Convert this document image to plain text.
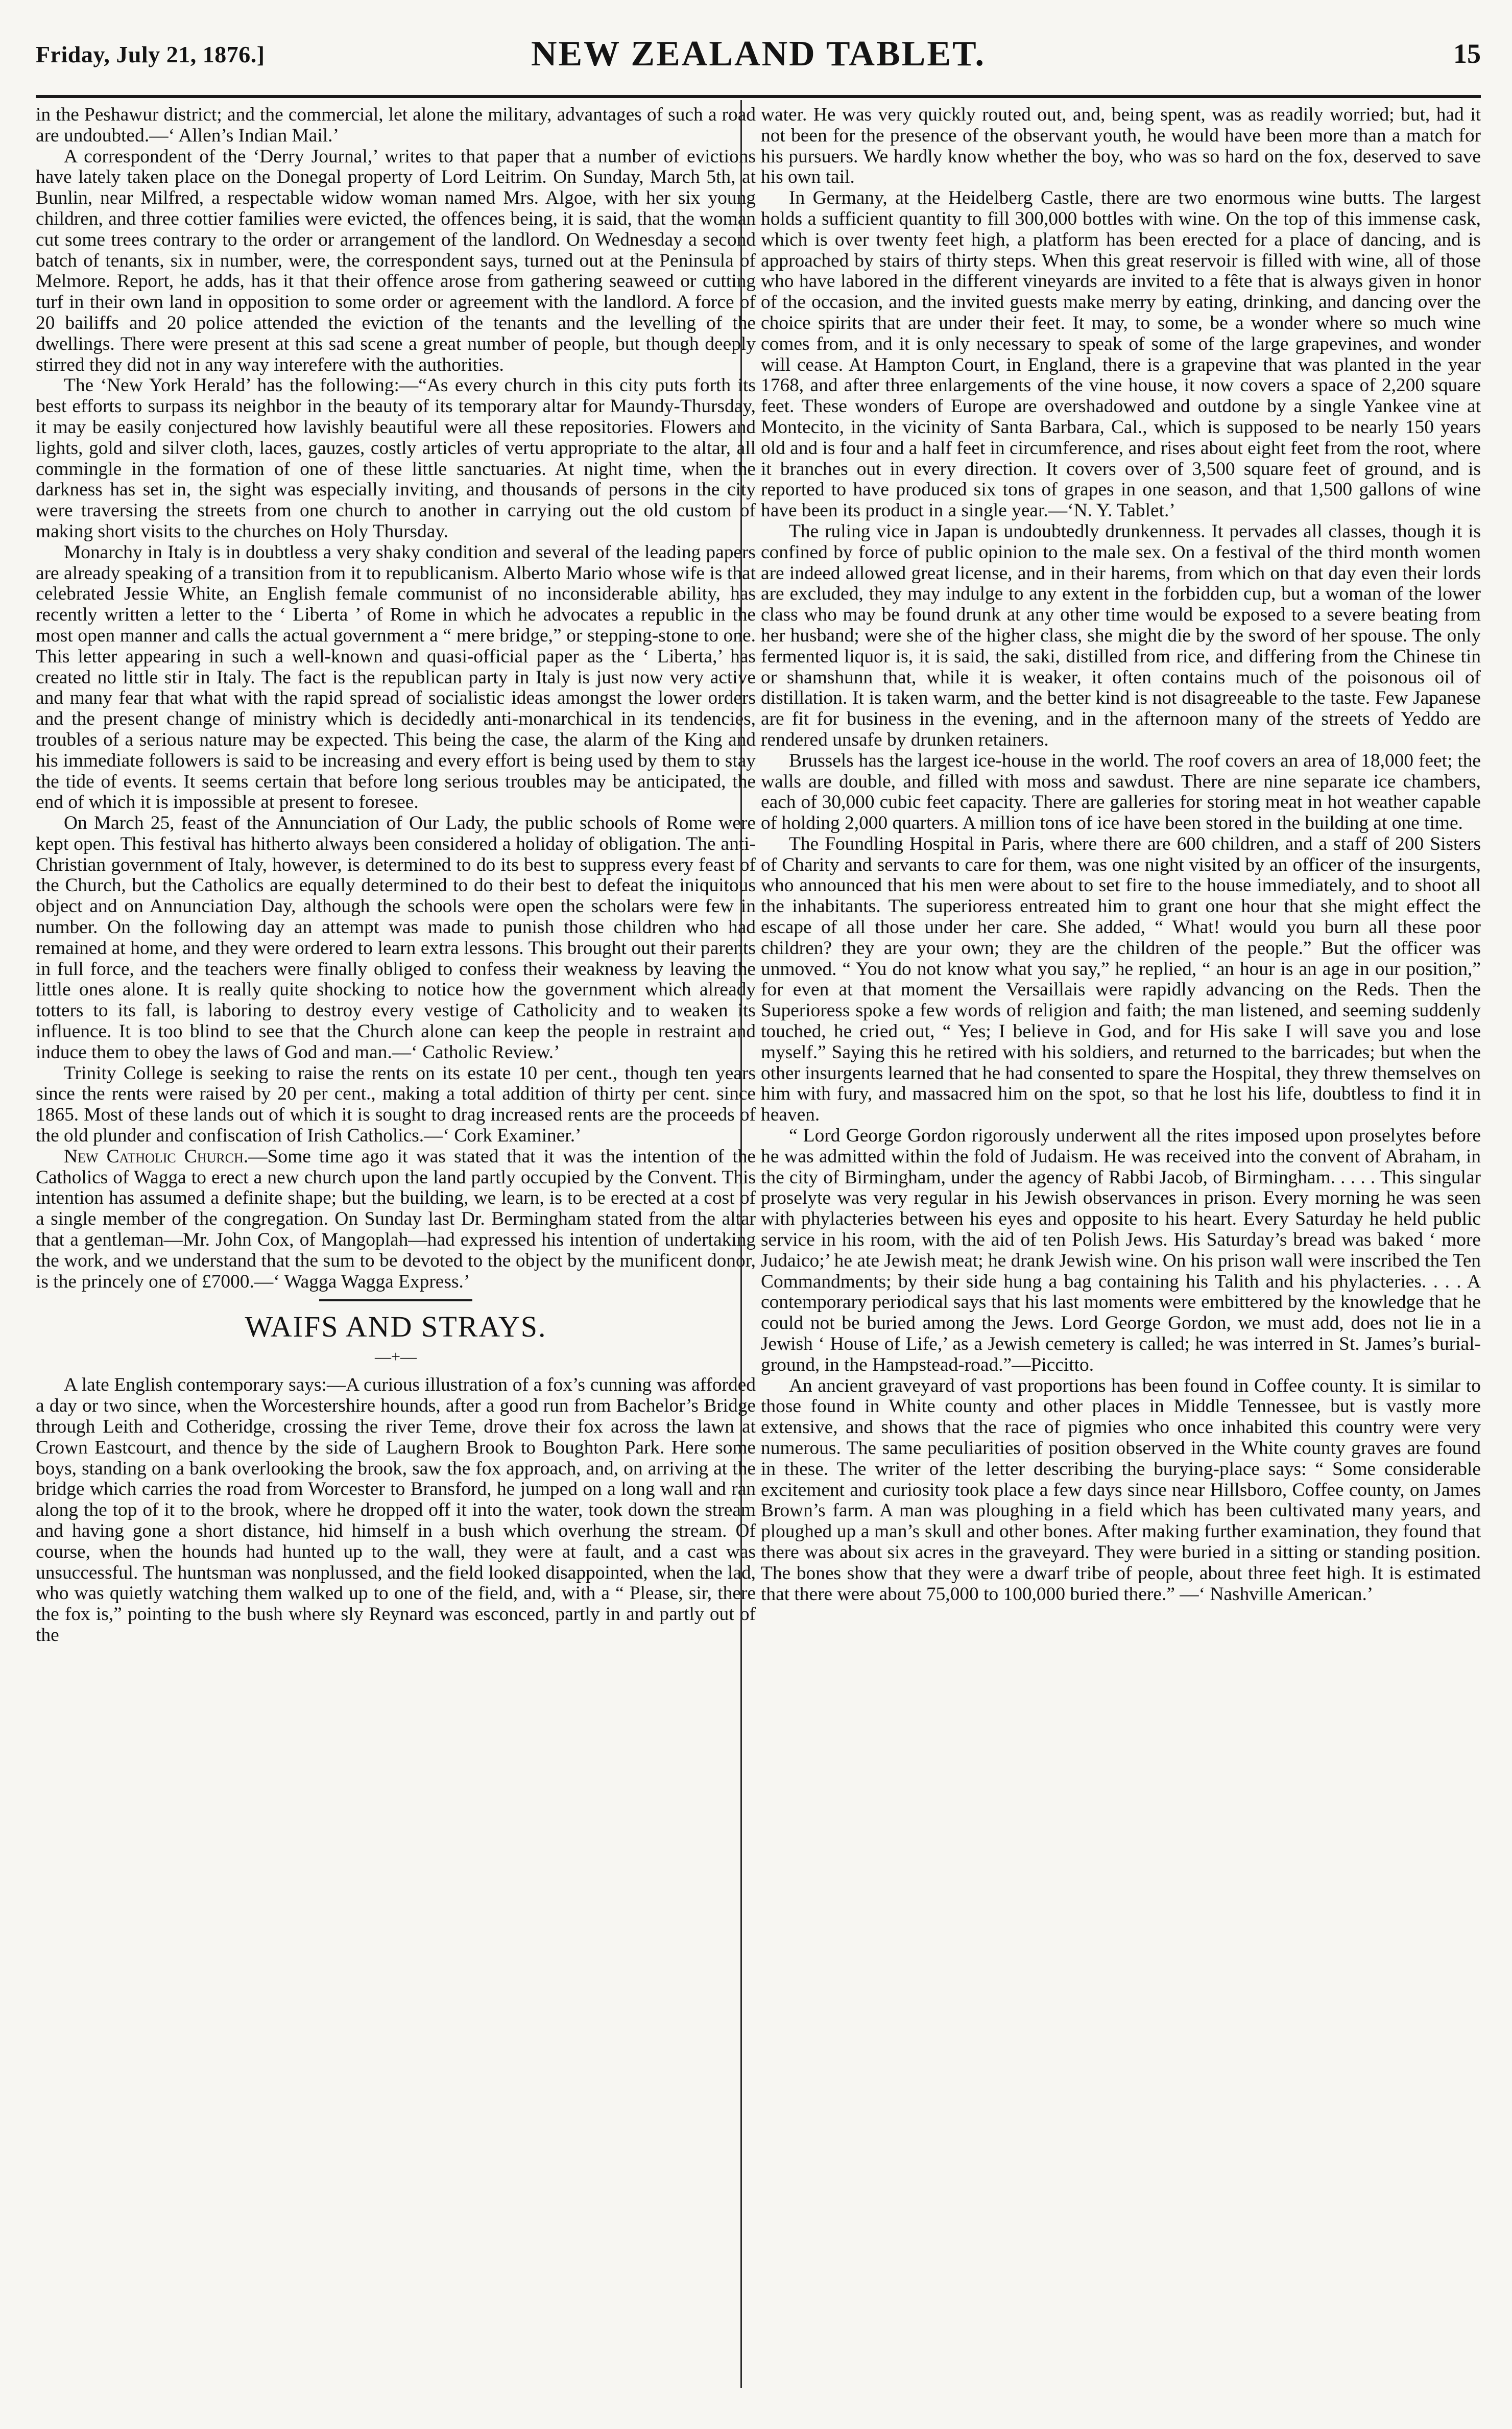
Friday, July 21, 1876.]	NEW ZEALAND TABLET.	15

in the Peshawur district; and the commercial, let alone the military, advantages of such a road are undoubted.—‘ Allen’s Indian Mail.’

A correspondent of the ‘Derry Journal,’ writes to that paper that a number of evictions have lately taken place on the Donegal property of Lord Leitrim. On Sunday, March 5th, at Bunlin, near Milfred, a respectable widow woman named Mrs. Algoe, with her six young children, and three cottier families were evicted, the offences being, it is said, that the woman cut some trees contrary to the order or arrangement of the landlord. On Wednesday a second batch of tenants, six in number, were, the correspondent says, turned out at the Peninsula of Melmore. Report, he adds, has it that their offence arose from gathering seaweed or cutting turf in their own land in opposition to some order or agreement with the landlord. A force of 20 bailiffs and 20 police attended the eviction of the tenants and the levelling of the dwellings. There were present at this sad scene a great number of people, but though deeply stirred they did not in any way interefere with the authorities.

The ‘New York Herald’ has the following:—“As every church in this city puts forth its best efforts to surpass its neighbor in the beauty of its temporary altar for Maundy-Thursday, it may be easily conjectured how lavishly beautiful were all these repositories. Flowers and lights, gold and silver cloth, laces, gauzes, costly articles of vertu appropriate to the altar, all commingle in the formation of one of these little sanctuaries. At night time, when the darkness has set in, the sight was especially inviting, and thousands of persons in the city were traversing the streets from one church to another in carrying out the old custom of making short visits to the churches on Holy Thursday.

Monarchy in Italy is in doubtless a very shaky condition and several of the leading papers are already speaking of a transition from it to republicanism. Alberto Mario whose wife is that celebrated Jessie White, an English female communist of no inconsiderable ability, has recently written a letter to the ‘ Liberta ’ of Rome in which he advocates a republic in the most open manner and calls the actual government a “ mere bridge,” or stepping-stone to one. This letter appearing in such a well-known and quasi-official paper as the ‘ Liberta,’ has created no little stir in Italy. The fact is the republican party in Italy is just now very active and many fear that what with the rapid spread of socialistic ideas amongst the lower orders and the present change of ministry which is decidedly anti-monarchical in its tendencies, troubles of a serious nature may be expected. This being the case, the alarm of the King and his immediate followers is said to be increasing and every effort is being used by them to stay the tide of events. It seems certain that before long serious troubles may be anticipated, the end of which it is impossible at present to foresee.

On March 25, feast of the Annunciation of Our Lady, the public schools of Rome were kept open. This festival has hitherto always been considered a holiday of obligation. The anti-Christian government of Italy, however, is determined to do its best to suppress every feast of the Church, but the Catholics are equally determined to do their best to defeat the iniquitous object and on Annunciation Day, although the schools were open the scholars were few in number. On the following day an attempt was made to punish those children who had remained at home, and they were ordered to learn extra lessons. This brought out their parents in full force, and the teachers were finally obliged to confess their weakness by leaving the little ones alone. It is really quite shocking to notice how the government which already totters to its fall, is laboring to destroy every vestige of Catholicity and to weaken its influence. It is too blind to see that the Church alone can keep the people in restraint and induce them to obey the laws of God and man.—‘ Catholic Review.’

Trinity College is seeking to raise the rents on its estate 10 per cent., though ten years since the rents were raised by 20 per cent., making a total addition of thirty per cent. since 1865. Most of these lands out of which it is sought to drag increased rents are the proceeds of the old plunder and confiscation of Irish Catholics.—‘ Cork Examiner.’

New Catholic Church.—Some time ago it was stated that it was the intention of the Catholics of Wagga to erect a new church upon the land partly occupied by the Convent. This intention has assumed a definite shape; but the building, we learn, is to be erected at a cost of a single member of the congregation. On Sunday last Dr. Bermingham stated from the altar that a gentleman—Mr. John Cox, of Mangoplah—had expressed his intention of undertaking the work, and we understand that the sum to be devoted to the object by the munificent donor, is the princely one of £7000.—‘ Wagga Wagga Express.’

WAIFS AND STRAYS.
—+—

A late English contemporary says:—A curious illustration of a fox’s cunning was afforded a day or two since, when the Worcestershire hounds, after a good run from Bachelor’s Bridge through Leith and Cotheridge, crossing the river Teme, drove their fox across the lawn at Crown Eastcourt, and thence by the side of Laughern Brook to Boughton Park. Here some boys, standing on a bank overlooking the brook, saw the fox approach, and, on arriving at the bridge which carries the road from Worcester to Bransford, he jumped on a long wall and ran along the top of it to the brook, where he dropped off it into the water, took down the stream and having gone a short distance, hid himself in a bush which overhung the stream. Of course, when the hounds had hunted up to the wall, they were at fault, and a cast was unsuccessful. The huntsman was nonplussed, and the field looked disappointed, when the lad, who was quietly watching them walked up to one of the field, and, with a “ Please, sir, there the fox is,” pointing to the bush where sly Reynard was esconced, partly in and partly out of the

water. He was very quickly routed out, and, being spent, was as readily worried; but, had it not been for the presence of the observant youth, he would have been more than a match for his pursuers. We hardly know whether the boy, who was so hard on the fox, deserved to save his own tail.

In Germany, at the Heidelberg Castle, there are two enormous wine butts. The largest holds a sufficient quantity to fill 300,000 bottles with wine. On the top of this immense cask, which is over twenty feet high, a platform has been erected for a place of dancing, and is approached by stairs of thirty steps. When this great reservoir is filled with wine, all of those who have labored in the different vineyards are invited to a fête that is always given in honor of the occasion, and the invited guests make merry by eating, drinking, and dancing over the choice spirits that are under their feet. It may, to some, be a wonder where so much wine comes from, and it is only necessary to speak of some of the large grapevines, and wonder will cease. At Hampton Court, in England, there is a grapevine that was planted in the year 1768, and after three enlargements of the vine house, it now covers a space of 2,200 square feet. These wonders of Europe are overshadowed and outdone by a single Yankee vine at Montecito, in the vicinity of Santa Barbara, Cal., which is supposed to be nearly 150 years old and is four and a half feet in circumference, and rises about eight feet from the root, where it branches out in every direction. It covers over of 3,500 square feet of ground, and is reported to have produced six tons of grapes in one season, and that 1,500 gallons of wine have been its product in a single year.—‘N. Y. Tablet.’

The ruling vice in Japan is undoubtedly drunkenness. It pervades all classes, though it is confined by force of public opinion to the male sex. On a festival of the third month women are indeed allowed great license, and in their harems, from which on that day even their lords are excluded, they may indulge to any extent in the forbidden cup, but a woman of the lower class who may be found drunk at any other time would be exposed to a severe beating from her husband; were she of the higher class, she might die by the sword of her spouse. The only fermented liquor is, it is said, the saki, distilled from rice, and differing from the Chinese tin or shamshunn that, while it is weaker, it often contains much of the poisonous oil of distillation. It is taken warm, and the better kind is not disagreeable to the taste. Few Japanese are fit for business in the evening, and in the afternoon many of the streets of Yeddo are rendered unsafe by drunken retainers.

Brussels has the largest ice-house in the world. The roof covers an area of 18,000 feet; the walls are double, and filled with moss and sawdust. There are nine separate ice chambers, each of 30,000 cubic feet capacity. There are galleries for storing meat in hot weather capable of holding 2,000 quarters. A million tons of ice have been stored in the building at one time.

The Foundling Hospital in Paris, where there are 600 children, and a staff of 200 Sisters of Charity and servants to care for them, was one night visited by an officer of the insurgents, who announced that his men were about to set fire to the house immediately, and to shoot all the inhabitants. The superioress entreated him to grant one hour that she might effect the escape of all those under her care. She added, “ What! would you burn all these poor children? they are your own; they are the children of the people.” But the officer was unmoved. “ You do not know what you say,” he replied, “ an hour is an age in our position,” for even at that moment the Versaillais were rapidly advancing on the Reds. Then the Superioress spoke a few words of religion and faith; the man listened, and seeming suddenly touched, he cried out, “ Yes; I believe in God, and for His sake I will save you and lose myself.” Saying this he retired with his soldiers, and returned to the barricades; but when the other insurgents learned that he had consented to spare the Hospital, they threw themselves on him with fury, and massacred him on the spot, so that he lost his life, doubtless to find it in heaven.

“ Lord George Gordon rigorously underwent all the rites imposed upon proselytes before he was admitted within the fold of Judaism. He was received into the convent of Abraham, in the city of Birmingham, under the agency of Rabbi Jacob, of Birmingham. . . . . This singular proselyte was very regular in his Jewish observances in prison. Every morning he was seen with phylacteries between his eyes and opposite to his heart. Every Saturday he held public service in his room, with the aid of ten Polish Jews. His Saturday’s bread was baked ‘ more Judaico;’ he ate Jewish meat; he drank Jewish wine. On his prison wall were inscribed the Ten Commandments; by their side hung a bag containing his Talith and his phylacteries. . . . A contemporary periodical says that his last moments were embittered by the knowledge that he could not be buried among the Jews. Lord George Gordon, we must add, does not lie in a Jewish ‘ House of Life,’ as a Jewish cemetery is called; he was interred in St. James’s burial-ground, in the Hampstead-road.”—Piccitto.

An ancient graveyard of vast proportions has been found in Coffee county. It is similar to those found in White county and other places in Middle Tennessee, but is vastly more extensive, and shows that the race of pigmies who once inhabited this country were very numerous. The same peculiarities of position observed in the White county graves are found in these. The writer of the letter describing the burying-place says: “ Some considerable excitement and curiosity took place a few days since near Hillsboro, Coffee county, on James Brown’s farm. A man was ploughing in a field which has been cultivated many years, and ploughed up a man’s skull and other bones. After making further examination, they found that there was about six acres in the graveyard. They were buried in a sitting or standing position. The bones show that they were a dwarf tribe of people, about three feet high. It is estimated that there were about 75,000 to 100,000 buried there.” —‘ Nashville American.’
